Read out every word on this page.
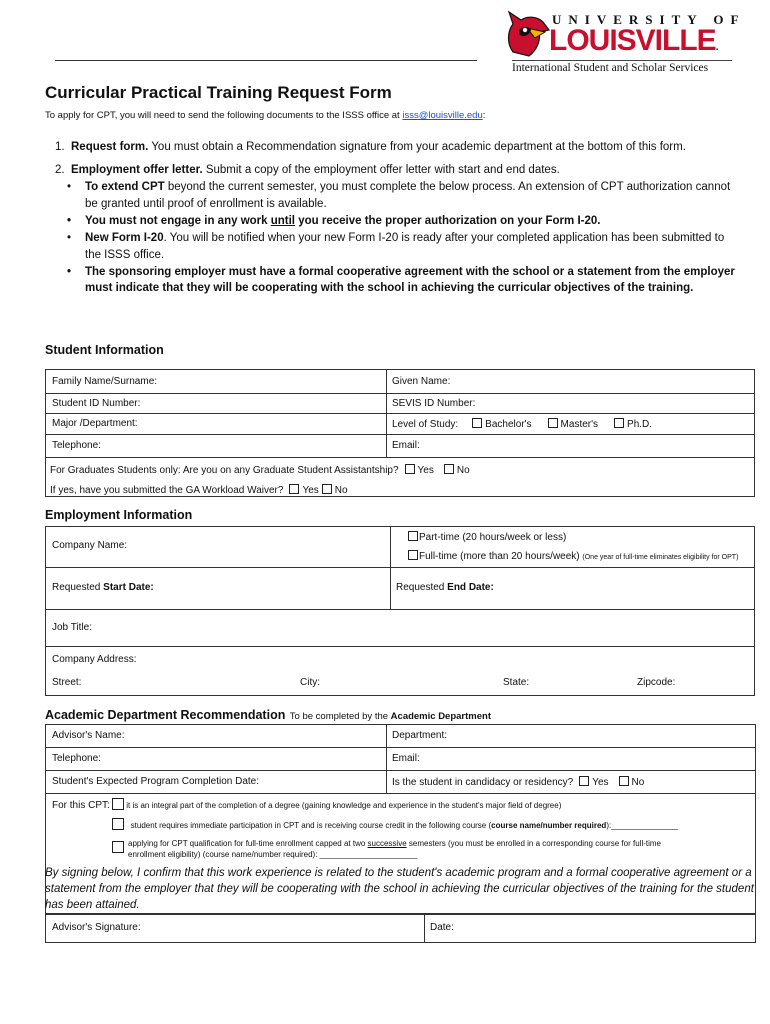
UNIVERSITY OF
LOUISVILLE.
International Student and Scholar Services
Curricular Practical Training Request Form
To apply for CPT, you will need to send the following documents to the ISSS office at isss@louisville.edu:
1. Request form. You must obtain a Recommendation signature from your academic department at the bottom of this form.
2. Employment offer letter. Submit a copy of the employment offer letter with start and end dates.
• To extend CPT beyond the current semester, you must complete the below process. An extension of CPT authorization cannot be granted until proof of enrollment is available.
• You must not engage in any work until you receive the proper authorization on your Form I-20.
• New Form I-20. You will be notified when your new Form I-20 is ready after your completed application has been submitted to the ISSS office.
• The sponsoring employer must have a formal cooperative agreement with the school or a statement from the employer must indicate that they will be cooperating with the school in achieving the curricular objectives of the training.
Student Information
Family Name/Surname:	Given Name:
Student ID Number:	SEVIS ID Number:
Major /Department:	Level of Study:	Bachelor's	Master's	Ph.D.
Telephone:	Email:
For Graduates Students only: Are you on any Graduate Student Assistantship? Yes No
If yes, have you submitted the GA Workload Waiver? Yes No
Employment Information
Company Name:
Part-time (20 hours/week or less)
Full-time (more than 20 hours/week) (One year of full-time eliminates eligibility for OPT)
Requested Start Date:	Requested End Date:
Job Title:
Company Address:
Street:	City:	State:	Zipcode:
Academic Department Recommendation To be completed by the Academic Department
Advisor's Name:	Department:
Telephone:	Email:
Student's Expected Program Completion Date:	Is the student in candidacy or residency? Yes No
For this CPT:	it is an integral part of the completion of a degree (gaining knowledge and experience in the student's major field of degree)
student requires immediate participation in CPT and is receiving course credit in the following course (course name/number required):_______________
applying for CPT qualification for full-time enrollment capped at two successive semesters (you must be enrolled in a corresponding course for full-time
enrollment eligibility) (course name/number required): ______________________
By signing below, I confirm that this work experience is related to the student's academic program and a formal cooperative agreement or a statement from the employer that they will be cooperating with the school in achieving the curricular objectives of the training for the student has been attained.
Advisor's Signature:	Date:
